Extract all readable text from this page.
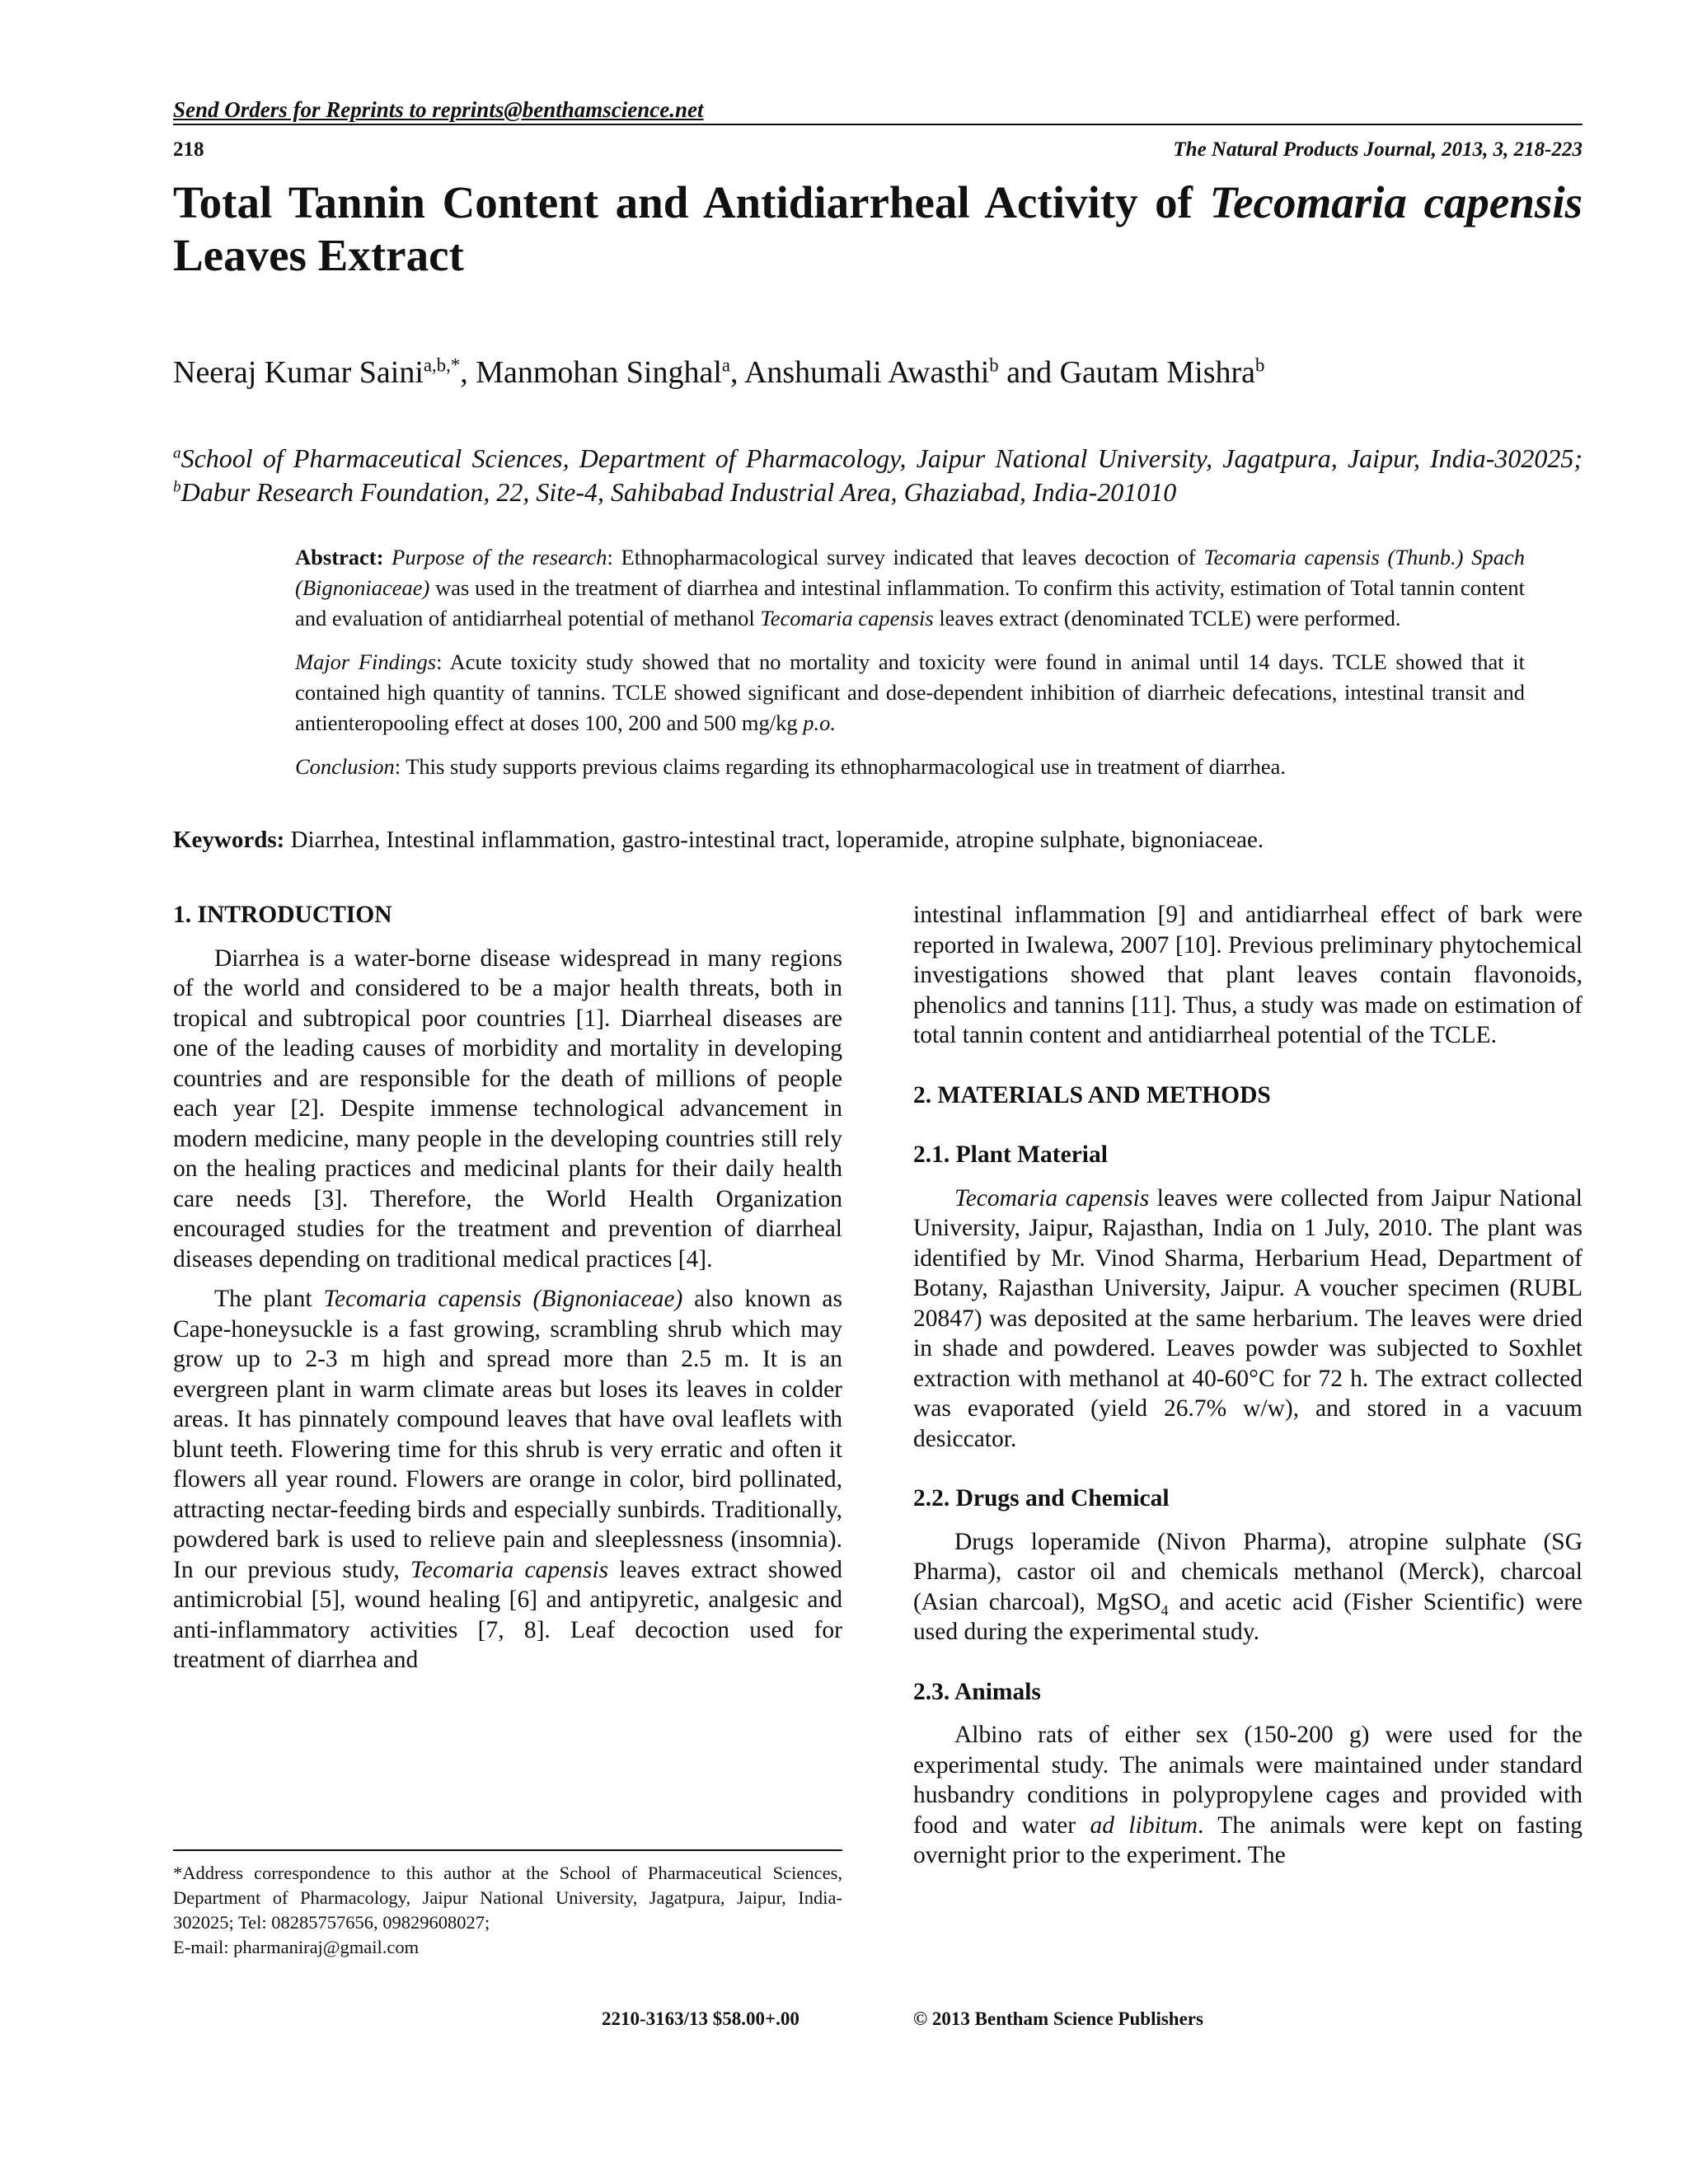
Send Orders for Reprints to reprints@benthamscience.net
218	The Natural Products Journal, 2013, 3, 218-223
Total Tannin Content and Antidiarrheal Activity of Tecomaria capensis Leaves Extract
Neeraj Kumar Saini$^{a,b,*}$, Manmohan Singhal$^a$, Anshumali Awasthi$^b$ and Gautam Mishra$^b$
$^a$School of Pharmaceutical Sciences, Department of Pharmacology, Jaipur National University, Jagatpura, Jaipur, India-302025; $^b$Dabur Research Foundation, 22, Site-4, Sahibabad Industrial Area, Ghaziabad, India-201010

Abstract: Purpose of the research: Ethnopharmacological survey indicated that leaves decoction of Tecomaria capensis (Thunb.) Spach (Bignoniaceae) was used in the treatment of diarrhea and intestinal inflammation. To confirm this activity, estimation of Total tannin content and evaluation of antidiarrheal potential of methanol Tecomaria capensis leaves extract (denominated TCLE) were performed.

Major Findings: Acute toxicity study showed that no mortality and toxicity were found in animal until 14 days. TCLE showed that it contained high quantity of tannins. TCLE showed significant and dose-dependent inhibition of diarrheic defecations, intestinal transit and antienteropooling effect at doses 100, 200 and 500 mg/kg p.o.

Conclusion: This study supports previous claims regarding its ethnopharmacological use in treatment of diarrhea.

Keywords: Diarrhea, Intestinal inflammation, gastro-intestinal tract, loperamide, atropine sulphate, bignoniaceae.
1. INTRODUCTION

Diarrhea is a water-borne disease widespread in many regions of the world and considered to be a major health threats, both in tropical and subtropical poor countries [1]. Diarrheal diseases are one of the leading causes of morbidity and mortality in developing countries and are responsible for the death of millions of people each year [2]. Despite immense technological advancement in modern medicine, many people in the developing countries still rely on the healing practices and medicinal plants for their daily health care needs [3]. Therefore, the World Health Organization encouraged studies for the treatment and prevention of diarrheal diseases depending on traditional medical practices [4].

The plant Tecomaria capensis (Bignoniaceae) also known as Cape-honeysuckle is a fast growing, scrambling shrub which may grow up to 2-3 m high and spread more than 2.5 m. It is an evergreen plant in warm climate areas but loses its leaves in colder areas. It has pinnately compound leaves that have oval leaflets with blunt teeth. Flowering time for this shrub is very erratic and often it flowers all year round. Flowers are orange in color, bird pollinated, attracting nectar-feeding birds and especially sunbirds. Traditionally, powdered bark is used to relieve pain and sleeplessness (insomnia). In our previous study, Tecomaria capensis leaves extract showed antimicrobial [5], wound healing [6] and antipyretic, analgesic and anti-inflammatory activities [7, 8]. Leaf decoction used for treatment of diarrhea and

*Address correspondence to this author at the School of Pharmaceutical Sciences, Department of Pharmacology, Jaipur National University, Jagatpura, Jaipur, India-302025; Tel: 08285757656, 09829608027;
E-mail: pharmaniraj@gmail.com

intestinal inflammation [9] and antidiarrheal effect of bark were reported in Iwalewa, 2007 [10]. Previous preliminary phytochemical investigations showed that plant leaves contain flavonoids, phenolics and tannins [11]. Thus, a study was made on estimation of total tannin content and antidiarrheal potential of the TCLE.

2. MATERIALS AND METHODS
2.1. Plant Material

Tecomaria capensis leaves were collected from Jaipur National University, Jaipur, Rajasthan, India on 1 July, 2010. The plant was identified by Mr. Vinod Sharma, Herbarium Head, Department of Botany, Rajasthan University, Jaipur. A voucher specimen (RUBL 20847) was deposited at the same herbarium. The leaves were dried in shade and powdered. Leaves powder was subjected to Soxhlet extraction with methanol at 40-60°C for 72 h. The extract collected was evaporated (yield 26.7% w/w), and stored in a vacuum desiccator.

2.2. Drugs and Chemical

Drugs loperamide (Nivon Pharma), atropine sulphate (SG Pharma), castor oil and chemicals methanol (Merck), charcoal (Asian charcoal), MgSO$_4$ and acetic acid (Fisher Scientific) were used during the experimental study.

2.3. Animals

Albino rats of either sex (150-200 g) were used for the experimental study. The animals were maintained under standard husbandry conditions in polypropylene cages and provided with food and water ad libitum. The animals were kept on fasting overnight prior to the experiment. The

2210-3163/13 $58.00+.00	© 2013 Bentham Science Publishers
